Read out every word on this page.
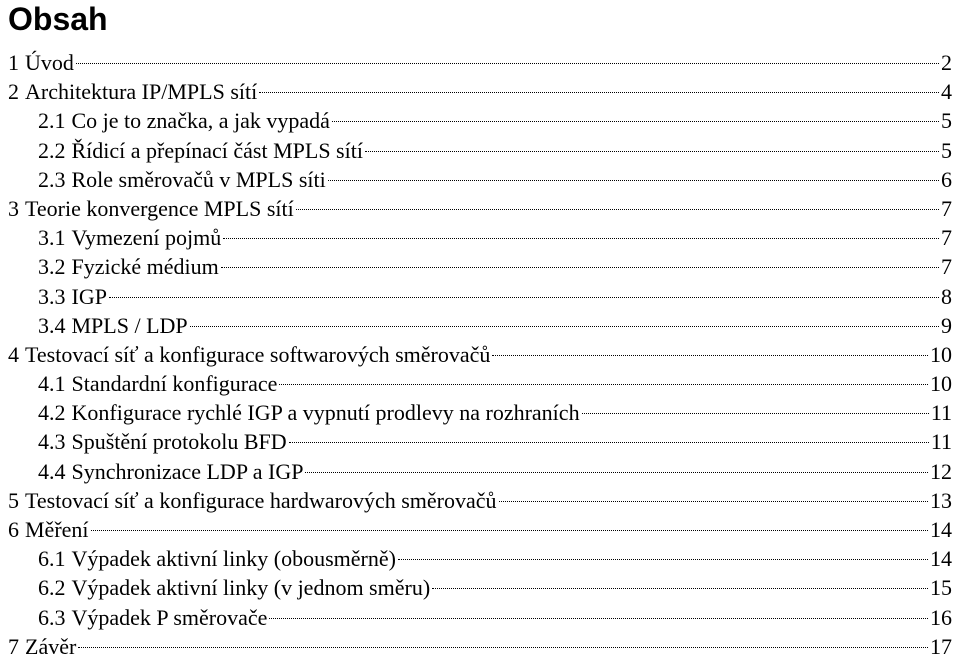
Obsah
1 Úvod	2
2 Architektura IP/MPLS sítí	4
2.1 Co je to značka, a jak vypadá	5
2.2 Řídicí a přepínací část MPLS sítí	5
2.3 Role směrovačů v MPLS síti	6
3 Teorie konvergence MPLS sítí	7
3.1 Vymezení pojmů	7
3.2 Fyzické médium	7
3.3 IGP	8
3.4 MPLS / LDP	9
4 Testovací síť a konfigurace softwarových směrovačů	10
4.1 Standardní konfigurace	10
4.2 Konfigurace rychlé IGP a vypnutí prodlevy na rozhraních	11
4.3 Spuštění protokolu BFD	11
4.4 Synchronizace LDP a IGP	12
5 Testovací síť a konfigurace hardwarových směrovačů	13
6 Měření	14
6.1 Výpadek aktivní linky (obousměrně)	14
6.2 Výpadek aktivní linky (v jednom směru)	15
6.3 Výpadek P směrovače	16
7 Závěr	17
